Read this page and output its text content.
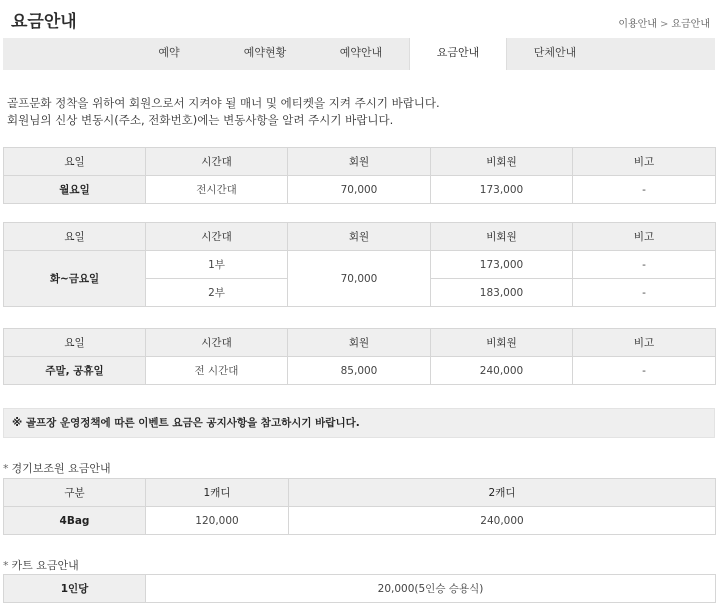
요금안내	이용안내 > 요금안내
예약	예약현황	예약안내	요금안내	단체안내
골프문화 정착을 위하여 회원으로서 지켜야 될 매너 및 에티켓을 지켜 주시기 바랍니다.
회원님의 신상 변동시(주소, 전화번호)에는 변동사항을 알려 주시기 바랍니다.
요일	시간대	회원	비회원	비고
월요일	전시간대	70,000	173,000	-
요일	시간대	회원	비회원	비고
화~금요일	1부	70,000	173,000	-
	2부		183,000	-
요일	시간대	회원	비회원	비고
주말, 공휴일	전 시간대	85,000	240,000	-
※ 골프장 운영정책에 따른 이벤트 요금은 공지사항을 참고하시기 바랍니다.
* 경기보조원 요금안내
구분	1캐디	2캐디
4Bag	120,000	240,000
* 카트 요금안내
1인당	20,000(5인승 승용식)
